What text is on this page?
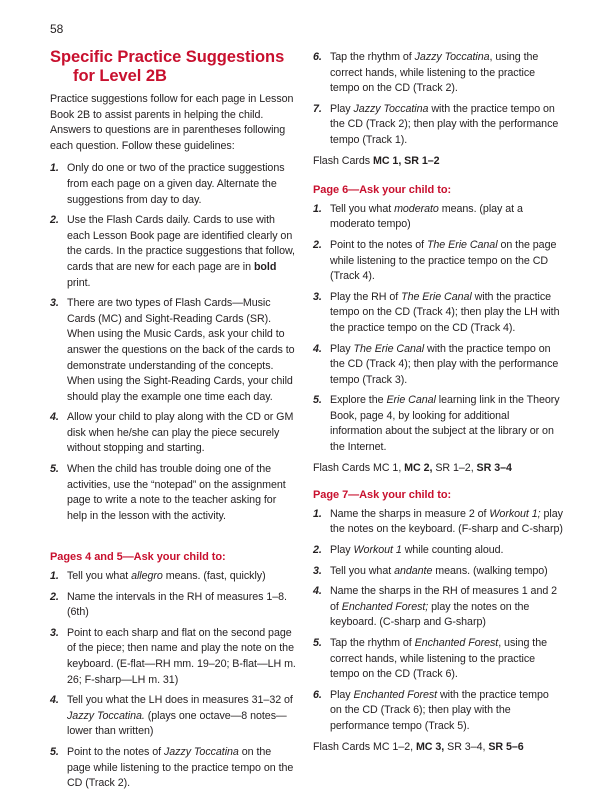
58
Specific Practice Suggestions
for Level 2B

Practice suggestions follow for each page in Lesson Book 2B to assist parents in helping the child. Answers to questions are in parentheses following each question. Follow these guidelines:

1. Only do one or two of the practice suggestions from each page on a given day. Alternate the suggestions from day to day.
2. Use the Flash Cards daily. Cards to use with each Lesson Book page are identified clearly on the cards. In the practice suggestions that follow, cards that are new for each page are in bold print.
3. There are two types of Flash Cards—Music Cards (MC) and Sight-Reading Cards (SR). When using the Music Cards, ask your child to answer the questions on the back of the cards to demonstrate understanding of the concepts. When using the Sight-Reading Cards, your child should play the example one time each day.
4. Allow your child to play along with the CD or GM disk when he/she can play the piece securely without stopping and starting.
5. When the child has trouble doing one of the activities, use the “notepad” on the assignment page to write a note to the teacher asking for help in the lesson with the activity.
Pages 4 and 5—Ask your child to:
1. Tell you what allegro means. (fast, quickly)
2. Name the intervals in the RH of measures 1–8. (6th)
3. Point to each sharp and flat on the second page of the piece; then name and play the note on the keyboard. (E-flat—RH mm. 19–20; B-flat—LH m. 26; F-sharp—LH m. 31)
4. Tell you what the LH does in measures 31–32 of Jazzy Toccatina. (plays one octave—8 notes—lower than written)
5. Point to the notes of Jazzy Toccatina on the page while listening to the practice tempo on the CD (Track 2).
6. Tap the rhythm of Jazzy Toccatina, using the correct hands, while listening to the practice tempo on the CD (Track 2).
7. Play Jazzy Toccatina with the practice tempo on the CD (Track 2); then play with the performance tempo (Track 1).

Flash Cards MC 1, SR 1–2

Page 6—Ask your child to:
1. Tell you what moderato means. (play at a moderato tempo)
2. Point to the notes of The Erie Canal on the page while listening to the practice tempo on the CD (Track 4).
3. Play the RH of The Erie Canal with the practice tempo on the CD (Track 4); then play the LH with the practice tempo on the CD (Track 4).
4. Play The Erie Canal with the practice tempo on the CD (Track 4); then play with the performance tempo (Track 3).
5. Explore the Erie Canal learning link in the Theory Book, page 4, by looking for additional information about the subject at the library or on the Internet.

Flash Cards MC 1, MC 2, SR 1–2, SR 3–4

Page 7—Ask your child to:
1. Name the sharps in measure 2 of Workout 1; play the notes on the keyboard. (F-sharp and C-sharp)
2. Play Workout 1 while counting aloud.
3. Tell you what andante means. (walking tempo)
4. Name the sharps in the RH of measures 1 and 2 of Enchanted Forest; play the notes on the keyboard. (C-sharp and G-sharp)
5. Tap the rhythm of Enchanted Forest, using the correct hands, while listening to the practice tempo on the CD (Track 6).
6. Play Enchanted Forest with the practice tempo on the CD (Track 6); then play with the performance tempo (Track 5).

Flash Cards MC 1–2, MC 3, SR 3–4, SR 5–6
